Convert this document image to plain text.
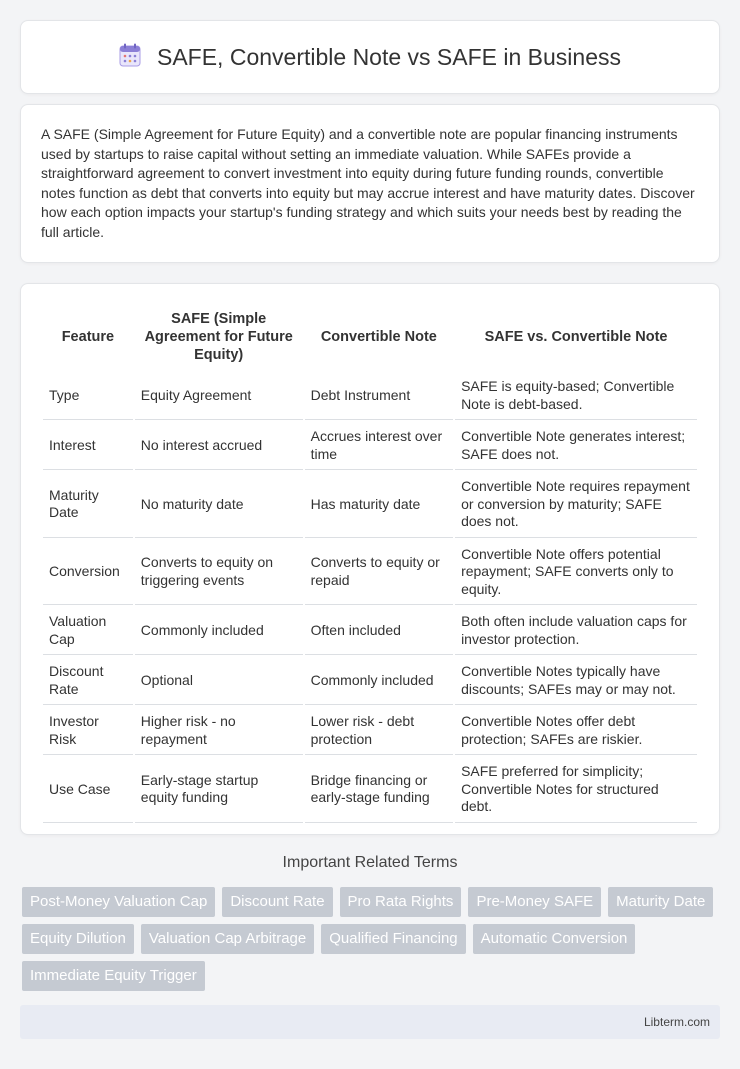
SAFE, Convertible Note vs SAFE in Business

A SAFE (Simple Agreement for Future Equity) and a convertible note are popular financing instruments used by startups to raise capital without setting an immediate valuation. While SAFEs provide a straightforward agreement to convert investment into equity during future funding rounds, convertible notes function as debt that converts into equity but may accrue interest and have maturity dates. Discover how each option impacts your startup's funding strategy and which suits your needs best by reading the full article.

Feature	SAFE (Simple Agreement for Future Equity)	Convertible Note	SAFE vs. Convertible Note
Type	Equity Agreement	Debt Instrument	SAFE is equity-based; Convertible Note is debt-based.
Interest	No interest accrued	Accrues interest over time	Convertible Note generates interest; SAFE does not.
Maturity Date	No maturity date	Has maturity date	Convertible Note requires repayment or conversion by maturity; SAFE does not.
Conversion	Converts to equity on triggering events	Converts to equity or repaid	Convertible Note offers potential repayment; SAFE converts only to equity.
Valuation Cap	Commonly included	Often included	Both often include valuation caps for investor protection.
Discount Rate	Optional	Commonly included	Convertible Notes typically have discounts; SAFEs may or may not.
Investor Risk	Higher risk - no repayment	Lower risk - debt protection	Convertible Notes offer debt protection; SAFEs are riskier.
Use Case	Early-stage startup equity funding	Bridge financing or early-stage funding	SAFE preferred for simplicity; Convertible Notes for structured debt.
Important Related Terms
Post-Money Valuation Cap	Discount Rate	Pro Rata Rights	Pre-Money SAFE	Maturity Date
Equity Dilution	Valuation Cap Arbitrage	Qualified Financing	Automatic Conversion
Immediate Equity Trigger
Libterm.com
